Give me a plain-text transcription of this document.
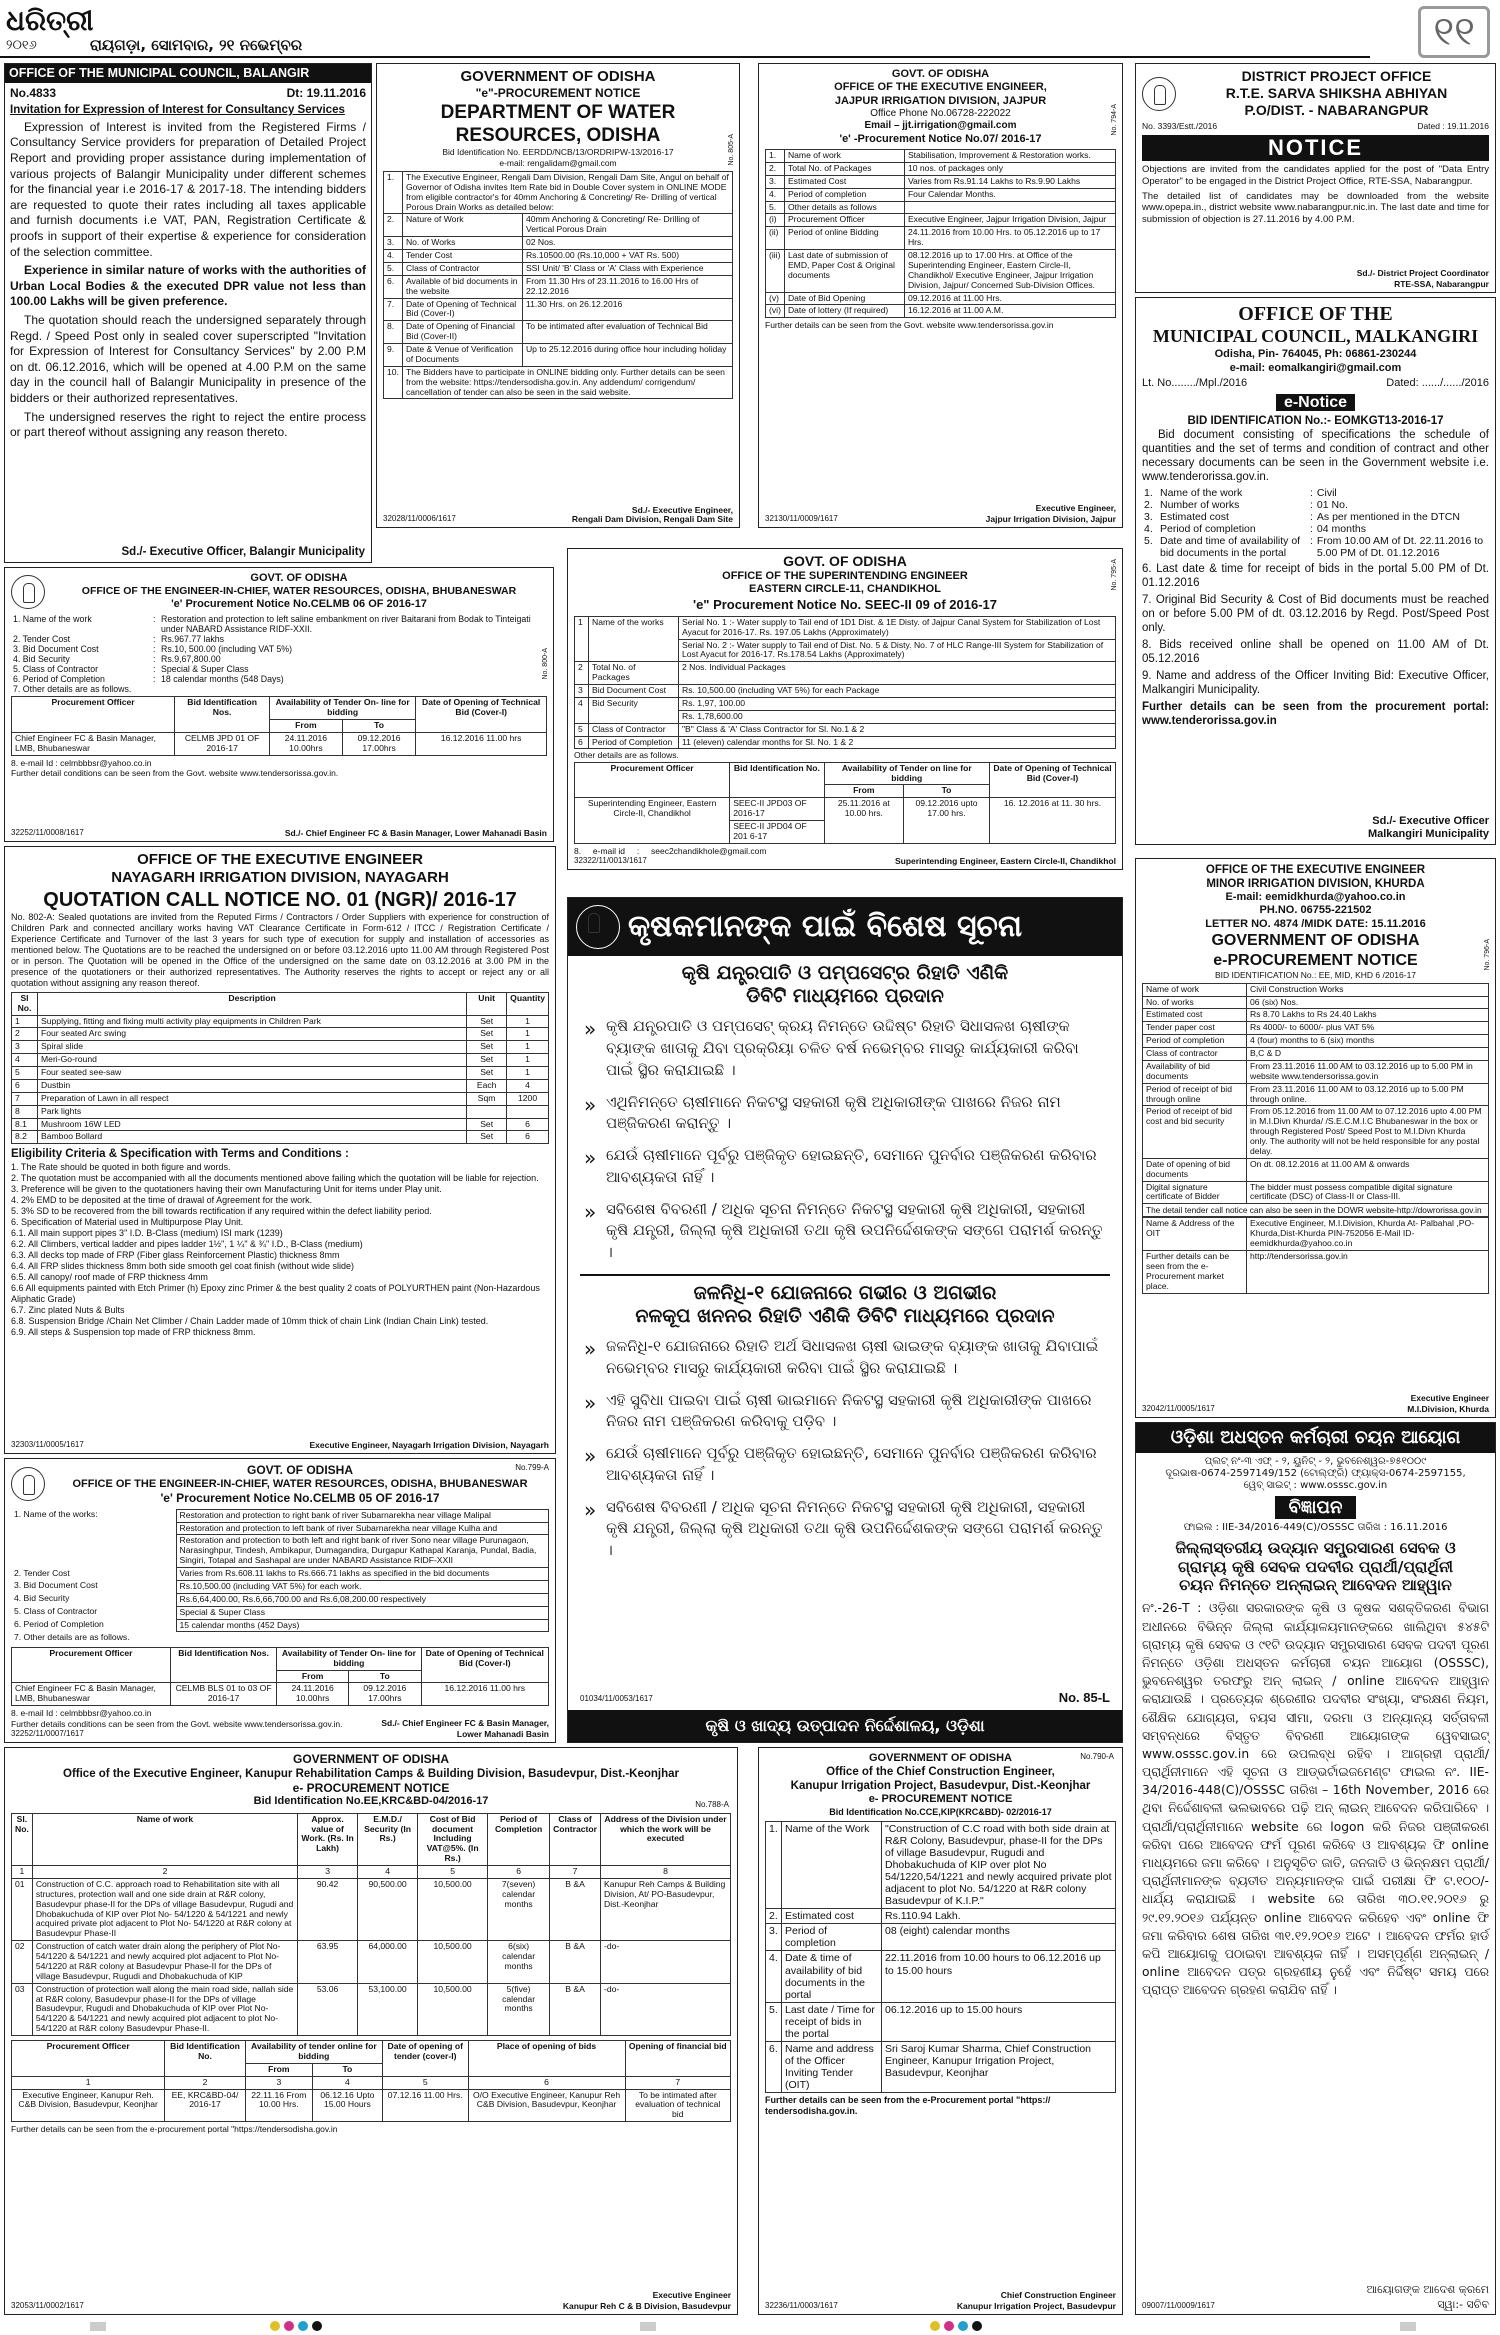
ଧରିତ୍ରୀ
୨୦୧୬	ରାୟଗଡ଼ା, ସୋମବାର, ୨୧ ନଭେମ୍ବର	୧୧
OFFICE OF THE MUNICIPAL COUNCIL, BALANGIR
No.4833	Dt: 19.11.2016
Invitation for Expression of Interest for Consultancy Services

Expression of Interest is invited from the Registered Firms / Consultancy Service providers for preparation of Detailed Project Report and providing proper assistance during implementation of various projects of Balangir Municipality under different schemes for the financial year i.e 2016-17 & 2017-18. The intending bidders are requested to quote their rates including all taxes applicable and furnish documents i.e VAT, PAN, Registration Certificate & proofs in support of their expertise & experience for consideration of the selection committee.

Experience in similar nature of works with the authorities of Urban Local Bodies & the executed DPR value not less than 100.00 Lakhs will be given preference.

The quotation should reach the undersigned separately through Regd. / Speed Post only in sealed cover superscripted "Invitation for Expression of Interest for Consultancy Services" by 2.00 P.M on dt. 06.12.2016, which will be opened at 4.00 P.M on the same day in the council hall of Balangir Municipality in presence of the bidders or their authorized representatives.

The undersigned reserves the right to reject the entire process or part thereof without assigning any reason thereto.

Sd./- Executive Officer, Balangir Municipality
No. 805-A
GOVERNMENT OF ODISHA
"e"-PROCUREMENT NOTICE
DEPARTMENT OF WATER
RESOURCES, ODISHA
Bid Identification No. EERDD/NCB/13/ORDRIPW-13/2016-17
e-mail: rengalidam@gmail.com
1.	The Executive Engineer, Rengali Dam Division, Rengali Dam Site, Angul on behalf of Governor of Odisha invites Item Rate bid in Double Cover system in ONLINE MODE from eligible contractor's for 40mm Anchoring & Concreting/ Re- Drilling of vertical Porous Drain Works as detailed below:	
2.	Nature of Work	40mm Anchoring & Concreting/ Re- Drilling of Vertical Porous Drain
3.	No. of Works	02 Nos.
4.	Tender Cost	Rs.10500.00 (Rs.10,000 + VAT Rs. 500)
5.	Class of Contractor	SSI Unit/ 'B' Class or 'A' Class with Experience
6.	Available of bid documents in the website	From 11.30 Hrs of 23.11.2016 to 16.00 Hrs of 22.12.2016
7.	Date of Opening of Technical Bid (Cover-I)	11.30 Hrs. on 26.12.2016
8.	Date of Opening of Financial Bid (Cover-II)	To be intimated after evaluation of Technical Bid
9.	Date & Venue of Verification of Documents	Up to 25.12.2016 during office hour including holiday
10.	The Bidders have to participate in ONLINE bidding only. Further details can be seen from the website: https://tendersodisha.gov.in. Any addendum/ corrigendum/ cancellation of tender can also be seen in the said website.	
32028/11/0006/1617
Sd./- Executive Engineer,
Rengali Dam Division, Rengali Dam Site
No. 794-A
GOVT. OF ODISHA
OFFICE OF THE EXECUTIVE ENGINEER,
JAJPUR IRRIGATION DIVISION, JAJPUR
Office Phone No.06728-222022
Email – jjt.irrigation@gmail.com
'e' -Procurement Notice No.07/ 2016-17
1.	Name of work	Stabilisation, Improvement & Restoration works.
2.	Total No. of Packages	10 nos. of packages only
3.	Estimated Cost	Varies from Rs.91.14 Lakhs to Rs.9.90 Lakhs
4.	Period of completion	Four Calendar Months.
5.	Other details as follows	
(i)	Procurement Officer	Executive Engineer, Jajpur Irrigation Division, Jajpur
(ii)	Period of online Bidding	24.11.2016 from 10.00 Hrs. to 05.12.2016 up to 17 Hrs.
(iii)	Last date of submission of EMD, Paper Cost & Original documents	08.12.2016 up to 17.00 Hrs. at Office of the Superintending Engineer, Eastern Circle-II, Chandikhol/ Executive Engineer, Jajpur Irrigation Division, Jajpur/ Concerned Sub-Division Offices.
(v)	Date of Bid Opening	09.12.2016 at 11.00 Hrs.
(vi)	Date of lottery (If required)	16.12.2016 at 11.00 A.M.
Further details can be seen from the Govt. website www.tendersorissa.gov.in
32130/11/0009/1617
Executive Engineer,
Jajpur Irrigation Division, Jajpur
DISTRICT PROJECT OFFICE
R.T.E. SARVA SHIKSHA ABHIYAN
P.O/DIST. - NABARANGPUR
No. 3393/Estt./2016	Dated : 19.11.2016
NOTICE

Objections are invited from the candidates applied for the post of "Data Entry Operator" to be engaged in the District Project Office, RTE-SSA, Nabarangpur.

The detailed list of candidates may be downloaded from the website www.opepa.in., district website www.nabarangpur.nic.in. The last date and time for submission of objection is 27.11.2016 by 4.00 P.M.

Sd./- District Project Coordinator
RTE-SSA, Nabarangpur
OFFICE OF THE
MUNICIPAL COUNCIL, MALKANGIRI
Odisha, Pin- 764045, Ph: 06861-230244
e-mail: eomalkangiri@gmail.com
Lt. No......../Mpl./2016	Dated: ....../....../2016
e-Notice
BID IDENTIFICATION No.:- EOMKGT13-2016-17

Bid document consisting of specifications the schedule of quantities and the set of terms and condition of contract and other necessary documents can be seen in the Government website i.e. www.tenderorissa.gov.in.

1.	Name of the work	:	Civil
2.	Number of works	:	01 No.
3.	Estimated cost	:	As per mentioned in the DTCN
4.	Period of completion	:	04 months
5.	Date and time of availability of bid documents in the portal	:	From 10.00 AM of Dt. 22.11.2016 to 5.00 PM of Dt. 01.12.2016

6. Last date & time for receipt of bids in the portal 5.00 PM of Dt. 01.12.2016

7. Original Bid Security & Cost of Bid documents must be reached on or before 5.00 PM of dt. 03.12.2016 by Regd. Post/Speed Post only.

8. Bids received online shall be opened on 11.00 AM of Dt. 05.12.2016

9. Name and address of the Officer Inviting Bid: Executive Officer, Malkangiri Municipality.

Further details can be seen from the procurement portal: www.tenderorissa.gov.in

Sd./- Executive Officer
Malkangiri Municipality
No. 800-A
GOVT. OF ODISHA
OFFICE OF THE ENGINEER-IN-CHIEF, WATER RESOURCES, ODISHA, BHUBANESWAR
'e' Procurement Notice No.CELMB 06 OF 2016-17
1. Name of the work	:	Restoration and protection to left saline embankment on river Baitarani from Bodak to Tinteigati under NABARD Assistance RIDF-XXII.
2. Tender Cost	:	Rs.967.77 lakhs
3. Bid Document Cost	:	Rs.10, 500.00 (including VAT 5%)
4. Bid Security	:	Rs.9,67,800.00
5. Class of Contractor	:	Special & Super Class
6. Period of Completion	:	18 calendar months (548 Days)
7. Other details are as follows.		
Procurement Officer	Bid Identification Nos.	Availability of Tender On- line for bidding		Date of Opening of Technical Bid (Cover-I)
		From	To	
Chief Engineer FC & Basin Manager, LMB, Bhubaneswar	CELMB JPD 01 OF 2016-17	24.11.2016 10.00hrs	09.12.2016 17.00hrs	16.12.2016 11.00 hrs
8. e-mail Id : celmbbbsr@yahoo.co.in
Further detail conditions can be seen from the Govt. website www.tendersorissa.gov.in.
32252/11/0008/1617	Sd./- Chief Engineer FC & Basin Manager, Lower Mahanadi Basin
No. 795-A
GOVT. OF ODISHA
OFFICE OF THE SUPERINTENDING ENGINEER
EASTERN CIRCLE-11, CHANDIKHOL
'e" Procurement Notice No. SEEC-II 09 of 2016-17
1	Name of the works	Serial No. 1 :- Water supply to Tail end of 1D1 Dist. & 1E Disty. of Jajpur Canal System for Stabilization of Lost Ayacut for 2016-17. Rs. 197.05 Lakhs (Approximately)
		Serial No. 2 :- Water supply to Tail end of Dist. No. 5 & Disty. No. 7 of HLC Range-III System for Stabilization of Lost Ayacut for 2016-17. Rs.178.54 Lakhs (Approximately)
2	Total No. of Packages	2 Nos. Individual Packages
3	Bid Document Cost	Rs. 10,500.00 (including VAT 5%) for each Package
4	Bid Security	Rs. 1,97, 100.00
		Rs. 1,78,600.00
5	Class of Contractor	"B" Class & 'A' Class Contractor for Sl. No.1 & 2
6	Period of Completion	11 (eleven) calendar months for Sl. No. 1 & 2
Other details are as follows.
Procurement Officer	Bid Identification No.	Availability of Tender on line for bidding		Date of Opening of Technical Bid (Cover-I)
		From	To	
Superintending Engineer, Eastern Circle-II, Chandikhol	SEEC-II JPD03 OF 2016-17	25.11.2016 at 10.00 hrs.	09.12.2016 upto 17.00 hrs.	16. 12.2016 at 11. 30 hrs.
	SEEC-II JPD04 OF 201 6-17			
8.     e-mail id     :     seec2chandikhole@gmail.com
32322/11/0013/1617	Superintending Engineer, Eastern Circle-II, Chandikhol
OFFICE OF THE EXECUTIVE ENGINEER
NAYAGARH IRRIGATION DIVISION, NAYAGARH
QUOTATION CALL NOTICE NO. 01 (NGR)/ 2016-17

No. 802-A: Sealed quotations are invited from the Reputed Firms / Contractors / Order Suppliers with experience for construction of Children Park and connected ancillary works having VAT Clearance Certificate in Form-612 / ITCC / Registration Certificate / Experience Certificate and Turnover of the last 3 years for such type of execution for supply and installation of accessories as mentioned below. The Quotations are to be reached the undersigned on or before 03.12.2016 upto 11.00 AM through Registered Post or in person. The Quotation will be opened in the Office of the undersigned on the same date on 03.12.2016 at 3.00 PM in the presence of the quotationers or their authorized representatives. The Authority reserves the rights to accept or reject any or all quotation without assigning any reason thereof.

Sl No.	Description	Unit	Quantity
1	Supplying, fitting and fixing multi activity play equipments in Children Park	Set	1
2	Four seated Arc swing	Set	1
3	Spiral slide	Set	1
4	Meri-Go-round	Set	1
5	Four seated see-saw	Set	1
6	Dustbin	Each	4
7	Preparation of Lawn in all respect	Sqm	1200
8	Park lights		
8.1	Mushroom 16W LED	Set	6
8.2	Bamboo Bollard	Set	6
Eligibility Criteria & Specification with Terms and Conditions :
1. The Rate should be quoted in both figure and words.
2. The quotation must be accompanied with all the documents mentioned above failing which the quotation will be liable for rejection.
3. Preference will be given to the quotationers having their own Manufacturing Unit for items under Play unit.
4. 2% EMD to be deposited at the time of drawal of Agreement for the work.
5. 3% SD to be recovered from the bill towards rectification if any required within the defect liability period.
6. Specification of Material used in Multipurpose Play Unit.
6.1. All main support pipes 3" I.D. B-Class (medium) ISI mark (1239)
6.2. All Climbers, vertical ladder and pipes ladder 1½", 1 ¼" & ¾" I.D., B-Class (medium)
6.3. All decks top made of FRP (Fiber glass Reinforcement Plastic) thickness 8mm
6.4. All FRP slides thickness 8mm both side smooth gel coat finish (without wide slide)
6.5. All canopy/ roof made of FRP thickness 4mm
6.6 All equipments painted with Etch Primer (h) Epoxy zinc Primer & the best quality 2 coats of POLYURTHEN paint (Non-Hazardous Aliphatic Grade)
6.7. Zinc plated Nuts & Bults
6.8. Suspension Bridge /Chain Net Climber / Chain Ladder made of 10mm thick of chain Link (Indian Chain Link) tested.
6.9. All steps & Suspension top made of FRP thickness 8mm.
32303/11/0005/1617	Executive Engineer, Nayagarh Irrigation Division, Nayagarh
କୃଷକମାନଙ୍କ ପାଇଁ ବିଶେଷ ସୂଚନା
କୃଷି ଯନ୍ତ୍ରପାତି ଓ ପମ୍ପସେଟ୍‌ର ରିହାତି ଏଣିକି
ଡିବିଟି ମାଧ୍ୟମରେ ପ୍ରଦାନ
» କୃଷି ଯନ୍ତ୍ରପାତି ଓ ପମ୍ପସେଟ୍ କ୍ରୟ ନିମନ୍ତେ ଉଦ୍ଦିଷ୍ଟ ରିହାତି ସିଧାସଳଖ ଚାଷୀଙ୍କ ବ୍ୟାଙ୍କ ଖାତାକୁ ଯିବା ପ୍ରକ୍ରିୟା ଚଳିତ ବର୍ଷ ନଭେମ୍ବର ମାସରୁ କାର୍ଯ୍ୟକାରୀ କରିବା ପାଇଁ ସ୍ଥିର କରାଯାଇଛି ।
» ଏଥିନିମନ୍ତେ ଚାଷୀମାନେ ନିକଟସ୍ଥ ସହକାରୀ କୃଷି ଅଧିକାରୀଙ୍କ ପାଖରେ ନିଜର ନାମ ପଞ୍ଜିକରଣ କରାନ୍ତୁ ।
» ଯେଉଁ ଚାଷୀମାନେ ପୂର୍ବରୁ ପଞ୍ଜିକୃତ ହୋଇଛନ୍ତି, ସେମାନେ ପୁନର୍ବାର ପଞ୍ଜିକରଣ କରିବାର ଆବଶ୍ୟକତା ନାହିଁ ।
» ସବିଶେଷ ବିବରଣୀ / ଅଧିକ ସୂଚନା ନିମନ୍ତେ ନିକଟସ୍ଥ ସହକାରୀ କୃଷି ଅଧିକାରୀ, ସହକାରୀ କୃଷି ଯନ୍ତ୍ରୀ, ଜିଲ୍ଲା କୃଷି ଅଧିକାରୀ ତଥା କୃଷି ଉପନିର୍ଦ୍ଦେଶକଙ୍କ ସଙ୍ଗେ ପରାମର୍ଶ କରନ୍ତୁ ।
ଜଳନିଧି-୧ ଯୋଜନାରେ ଗଭୀର ଓ ଅଗଭୀର
ନଳକୂପ ଖନନର ରିହାତି ଏଣିକି ଡିବିଟି ମାଧ୍ୟମରେ ପ୍ରଦାନ
» ଜଳନିଧି-୧ ଯୋଜନାରେ ରିହାତି ଅର୍ଥ ସିଧାସଳଖ ଚାଷୀ ଭାଇଙ୍କ ବ୍ୟାଙ୍କ ଖାତାକୁ ଯିବାପାଇଁ ନଭେମ୍ବର ମାସରୁ କାର୍ଯ୍ୟକାରୀ କରିବା ପାଇଁ ସ୍ଥିର କରାଯାଇଛି ।
» ଏହି ସୁବିଧା ପାଇବା ପାଇଁ ଚାଷୀ ଭାଇମାନେ ନିକଟସ୍ଥ ସହକାରୀ କୃଷି ଅଧିକାରୀଙ୍କ ପାଖରେ ନିଜର ନାମ ପଞ୍ଜିକରଣ କରିବାକୁ ପଡ଼ିବ ।
» ଯେଉଁ ଚାଷୀମାନେ ପୂର୍ବରୁ ପଞ୍ଜିକୃତ ହୋଇଛନ୍ତି, ସେମାନେ ପୁନର୍ବାର ପଞ୍ଜିକରଣ କରିବାର ଆବଶ୍ୟକତା ନାହିଁ ।
» ସବିଶେଷ ବିବରଣୀ / ଅଧିକ ସୂଚନା ନିମନ୍ତେ ନିକଟସ୍ଥ ସହକାରୀ କୃଷି ଅଧିକାରୀ, ସହକାରୀ କୃଷି ଯନ୍ତ୍ରୀ, ଜିଲ୍ଲା କୃଷି ଅଧିକାରୀ ତଥା କୃଷି ଉପନିର୍ଦ୍ଦେଶକଙ୍କ ସଙ୍ଗେ ପରାମର୍ଶ କରନ୍ତୁ ।
01034/11/0053/1617	No. 85-L
କୃଷି ଓ ଖାଦ୍ୟ ଉତ୍ପାଦନ ନିର୍ଦ୍ଦେଶାଳୟ, ଓଡ଼ିଶା
No. 796-A
OFFICE OF THE EXECUTIVE ENGINEER
MINOR IRRIGATION DIVISION, KHURDA
E-mail: eemidkhurda@yahoo.co.in
PH.NO. 06755-221502
LETTER NO. 4874 /MIDK DATE: 15.11.2016
GOVERNMENT OF ODISHA
e-PROCUREMENT NOTICE
BID IDENTIFICATION No.: EE, MID, KHD 6 /2016-17
Name of work	Civil Construction Works
No. of works	06 (six) Nos.
Estimated cost	Rs 8.70 Lakhs to Rs 24.40 Lakhs
Tender paper cost	Rs 4000/- to 6000/- plus VAT 5%
Period of completion	4 (four) months to 6 (six) months
Class of contractor	B,C & D
Availability of bid documents	From 23.11.2016 11.00 AM to 03.12.2016 up to 5.00 PM in website www.tendersorissa.gov.in
Period of receipt of bid through online	From 23.11.2016 11.00 AM to 03.12.2016 up to 5.00 PM through online.
Period of receipt of bid cost and bid security	From 05.12.2016 from 11.00 AM to 07.12.2016 upto 4.00 PM in M.I.Divn Khurda/ /S.E.C.M.I.C Bhubaneswar in the box or through Registered Post/ Speed Post to M.I.Divn Khurda only. The authority will not be held responsible for any postal delay.
Date of opening of bid documents	On dt. 08.12.2016 at 11.00 AM & onwards
Digital signature certificate of Bidder	The bidder must possess compatible digital signature certificate (DSC) of Class-II or Class-III.
The detail tender call notice can also be seen in the DOWR website-http://dowrorissa.gov.in
Name & Address of the OIT	Executive Engineer, M.I.Division, Khurda At- Palbahal ,PO-Khurda,Dist-Khurda PIN-752056 E-Mail ID-eemidkhurda@yahoo.co.in
Further details can be seen from the e-Procurement market place.	http://tendersorissa.gov.in
32042/11/0005/1617
Executive Engineer
M.I.Division, Khurda
No.799-A
GOVT. OF ODISHA
OFFICE OF THE ENGINEER-IN-CHIEF, WATER RESOURCES, ODISHA, BHUBANESWAR
'e' Procurement Notice No.CELMB 05 OF 2016-17
1. Name of the works:	Restoration and protection to right bank of river Subarnarekha near village Malipal
	Restoration and protection to left bank of river Subarnarekha near village Kulha and
	Restoration and protection to both left and right bank of river Sono near village Purunagaon, Narasinghpur, Tindesh, Ambikapur, Dumagandira, Durgapur Kathapal Karanja, Pundal, Badia, Singiri, Totapal and Sashapal are under NABARD Assistance RIDF-XXII
2. Tender Cost	Varies from Rs.608.11 lakhs to Rs.666.71 lakhs as specified in the bid documents
3. Bid Document Cost	Rs.10,500.00 (including VAT 5%) for each work.
4. Bid Security	Rs.6,64,400.00, Rs.6,66,700.00 and Rs.6,08,200.00 respectively
5. Class of Contractor	Special & Super Class
6. Period of Completion	15 calendar months (452 Days)
7. Other details are as follows.	
Procurement Officer	Bid Identification Nos.	Availability of Tender On- line for bidding		Date of Opening of Technical Bid (Cover-I)
		From	To	
Chief Engineer FC & Basin Manager, LMB, Bhubaneswar	CELMB BLS 01 to 03 OF 2016-17	24.11.2016 10.00hrs	09.12.2016 17.00hrs	16.12.2016 11.00 hrs
8. e-mail Id : celmbbbsr@yahoo.co.in
Further details conditions can be seen from the Govt. website www.tendersorissa.gov.in.
32252/11/0007/1617
Sd./- Chief Engineer FC & Basin Manager,
Lower Mahanadi Basin
ଓଡ଼ିଶା ଅଧସ୍ତନ କର୍ମଚାରୀ ଚୟନ ଆୟୋଗ
ପ୍ଲଟ୍ ନଂ-୩ ଏଫ୍ - ୨, ୟୁନିଟ୍ - ୨, ଭୁବନେଶ୍ୱର-୭୫୧୦୦୯
ଦୂରଭାଷ-0674-2597149/152 (ଟୋଲ୍‌ଫ୍ରି) ଫ୍ୟାକ୍ସ-0674-2597155,
ୱେବ୍ ସାଇଟ୍ : www.osssc.gov.in
ବିଜ୍ଞାପନ
ଫାଇଲ : IIE-34/2016-449(C)/OSSSC ତାରିଖ : 16.11.2016
ଜିଲ୍ଲାସ୍ତରୀୟ ଉଦ୍ୟାନ ସମ୍ପ୍ରସାରଣ ସେବକ ଓ
ଗ୍ରାମ୍ୟ କୃଷି ସେବକ ପଦବୀର ପ୍ରାର୍ଥୀ/ପ୍ରାର୍ଥିନୀ
ଚୟନ ନିମନ୍ତେ ଅନ୍‌ଲାଇନ୍ ଆବେଦନ ଆହ୍ୱାନ

ନଂ.-26-T : ଓଡ଼ିଶା ସରକାରଙ୍କ କୃଷି ଓ କୃଷକ ସଶକ୍ତିକରଣ ବିଭାଗ ଅଧୀନରେ ବିଭିନ୍ନ ଜିଲ୍ଲା କାର୍ଯ୍ୟାଳୟମାନଙ୍କରେ ଖାଲିଥିବା ୫୪୫ଟି ଗ୍ରାମ୍ୟ କୃଷି ସେବକ ଓ ୯୧ଟି ଉଦ୍ୟାନ ସମ୍ପ୍ରସାରଣ ସେବକ ପଦବୀ ପୂରଣ ନିମନ୍ତେ ଓଡ଼ିଶା ଅଧସ୍ତନ କର୍ମଚାରୀ ଚୟନ ଆୟୋଗ (OSSSC), ଭୁବନେଶ୍ୱର ତରଫରୁ ଅନ୍ ଲାଇନ୍ / online ଆବେଦନ ଆହ୍ୱାନ କରାଯାଉଛି । ପ୍ରତ୍ୟେକ ଶ୍ରେଣୀର ପଦବୀର ସଂଖ୍ୟା, ସଂରକ୍ଷଣ ନିୟମ, ଶୈକ୍ଷିକ ଯୋଗ୍ୟତା, ବୟସ ସୀମା, ଦରମା ଓ ଅନ୍ୟାନ୍ୟ ସର୍ତ୍ତାବଳୀ ସମ୍ବନ୍ଧରେ ବିସ୍ତୃତ ବିବରଣୀ ଆୟୋଗଙ୍କ ୱେବସାଇଟ୍ www.osssc.gov.in ରେ ଉପଲବ୍ଧ ରହିବ । ଆଗ୍ରହୀ ପ୍ରାର୍ଥୀ/ପ୍ରାର୍ଥିନୀମାନେ ଏହି ସୂଚନା ଓ ଆଡ୍‌ଭର୍ଟାଇଜମେଣ୍ଟ ଫାଇଲ ନଂ. IIE-34/2016-448(C)/OSSSC ତାରିଖ – 16th November, 2016 ରେ ଥିବା ନିର୍ଦ୍ଦେଶାବଳୀ ଭଲଭାବରେ ପଢ଼ି ଅନ୍ ଲାଇନ୍ ଆବେଦନ କରିପାରିବେ । ପ୍ରାର୍ଥୀ/ପ୍ରାର୍ଥିନୀମାନେ website ରେ logon କରି ନିଜର ପଞ୍ଜୀକରଣ କରିବା ପରେ ଆବେଦନ ଫର୍ମ ପୂରଣ କରିବେ ଓ ଆବଶ୍ୟକ ଫି online ମାଧ୍ୟମରେ ଜମା କରିବେ । ଅନୁସୂଚିତ ଜାତି, ଜନଜାତି ଓ ଭିନ୍ନକ୍ଷମ ପ୍ରାର୍ଥୀ/ପ୍ରାର୍ଥିନୀମାନଙ୍କ ବ୍ୟତୀତ ଅନ୍ୟମାନଙ୍କ ପାଇଁ ପରୀକ୍ଷା ଫି ଟ.୧୦୦/- ଧାର୍ଯ୍ୟ କରାଯାଇଛି । website ରେ ତାରିଖ ୩୦.୧୧.୨୦୧୬ ରୁ ୨୯.୧୨.୨୦୧୬ ପର୍ଯ୍ୟନ୍ତ online ଆବେଦନ କରିହେବ ଏବଂ online ଫି ଜମା କରିବାର ଶେଷ ତାରିଖ ୩୧.୧୨.୨୦୧୬ ଅଟେ । ଆବେଦନ ଫର୍ମର ହାର୍ଡ କପି ଆୟୋଗକୁ ପଠାଇବା ଆବଶ୍ୟକ ନାହିଁ । ଅସମ୍ପୂର୍ଣ୍ଣ ଅନ୍‌ଲାଇନ୍ / online ଆବେଦନ ପତ୍ର ଗ୍ରହଣୀୟ ନୁହେଁ ଏବଂ ନିର୍ଦ୍ଦିଷ୍ଟ ସମୟ ପରେ ପ୍ରାପ୍ତ ଆବେଦନ ଗ୍ରହଣ କରାଯିବ ନାହିଁ ।

ଆୟୋଗଙ୍କ ଆଦେଶ କ୍ରମେ
ସ୍ୱା:- ସଚିବ
09007/11/0009/1617
GOVERNMENT OF ODISHA
Office of the Executive Engineer, Kanupur Rehabilitation Camps & Building Division, Basudevpur, Dist.-Keonjhar
e- PROCUREMENT NOTICE
Bid Identification No.EE,KRC&BD-04/2016-17	No.788-A
Sl. No.	Name of work	Approx. value of Work. (Rs. In Lakh)	E.M.D./ Security (In Rs.)	Cost of Bid document Including VAT@5%. (In Rs.)	Period of Completion	Class of Contractor	Address of the Division under which the work will be executed
1	2	3	4	5	6	7	8
01	Construction of C.C. approach road to Rehabilitation site with all structures, protection wall and one side drain at R&R colony, Basudevpur phase-II for the DPs of village Basudevpur, Rugudi and Dhobakuchuda of KIP over Plot No- 54/1220 & 54/1221 and newly acquired private plot adjacent to Plot No- 54/1220 at R&R colony at Basudevpur Phase-II	90.42	90,500.00	10,500.00	7(seven) calendar months	B &A	Kanupur Reh Camps & Building Division, At/ PO-Basudevpur, Dist.-Keonjhar
02	Construction of catch water drain along the periphery of Plot No- 54/1220 & 54/1221 and newly acquired plot adjacent to Plot No-54/1220 at R&R colony at Basudevpur Phase-II for the DPs of village Basudevpur, Rugudi and Dhobakuchuda of KIP	63.95	64,000.00	10,500.00	6(six) calendar months	B &A	-do-
03	Construction of protection wall along the main road side, nallah side at R&R colony, Basudevpur phase-II for the DPs of village Basudevpur, Rugudi and Dhobakuchuda of KIP over Plot No- 54/1220 & 54/1221 and newly acquired plot adjacent to plot No-54/1220 at R&R colony Basudevpur Phase-II.	53.06	53,100.00	10,500.00	5(five) calendar months	B &A	-do-
Procurement Officer	Bid Identification No.	Availability of tender online for bidding		Date of opening of tender (cover-I)	Place of opening of bids	Opening of financial bid
		From	To			
1	2	3	4	5	6	7
Executive Engineer, Kanupur Reh. C&B Division, Basudevpur, Keonjhar	EE, KRC&BD-04/ 2016-17	22.11.16 From 10.00 Hrs.	06.12.16 Upto 15.00 Hours	07.12.16 11.00 Hrs.	O/O Executive Engineer, Kanupur Reh C&B Division, Basudevpur, Keonjhar	To be intimated after evaluation of technical bid
Further details can be seen from the e-procurement portal "https://tendersodisha.gov.in
32053/11/0002/1617
Executive Engineer
Kanupur Reh C & B Division, Basudevpur
GOVERNMENT OF ODISHA
Office of the Chief Construction Engineer,
Kanupur Irrigation Project, Basudevpur, Dist.-Keonjhar
e- PROCUREMENT NOTICE
Bid Identification No.CCE,KIP(KRC&BD)- 02/2016-17
No.790-A
1.	Name of the Work	"Construction of C.C road with both side drain at R&R Colony, Basudevpur, phase-II for the DPs of village Basudevpur, Rugudi and Dhobakuchuda of KIP over plot No 54/1220,54/1221 and newly acquired private plot adjacent to plot No. 54/1220 at R&R colony Basudevpur of K.I.P."
2.	Estimated cost	Rs.110.94 Lakh.
3.	Period of completion	08 (eight) calendar months
4.	Date & time of availability of bid documents in the portal	22.11.2016 from 10.00 hours to 06.12.2016 up to 15.00 hours
5.	Last date / Time for receipt of bids in the portal	06.12.2016 up to 15.00 hours
6.	Name and address of the Officer Inviting Tender (OIT)	Sri Saroj Kumar Sharma, Chief Construction Engineer, Kanupur Irrigation Project, Basudevpur, Keonjhar
Further details can be seen from the e-Procurement portal "https:// tendersodisha.gov.in.
32236/11/0003/1617
Chief Construction Engineer
Kanupur Irrigation Project, Basudevpur
